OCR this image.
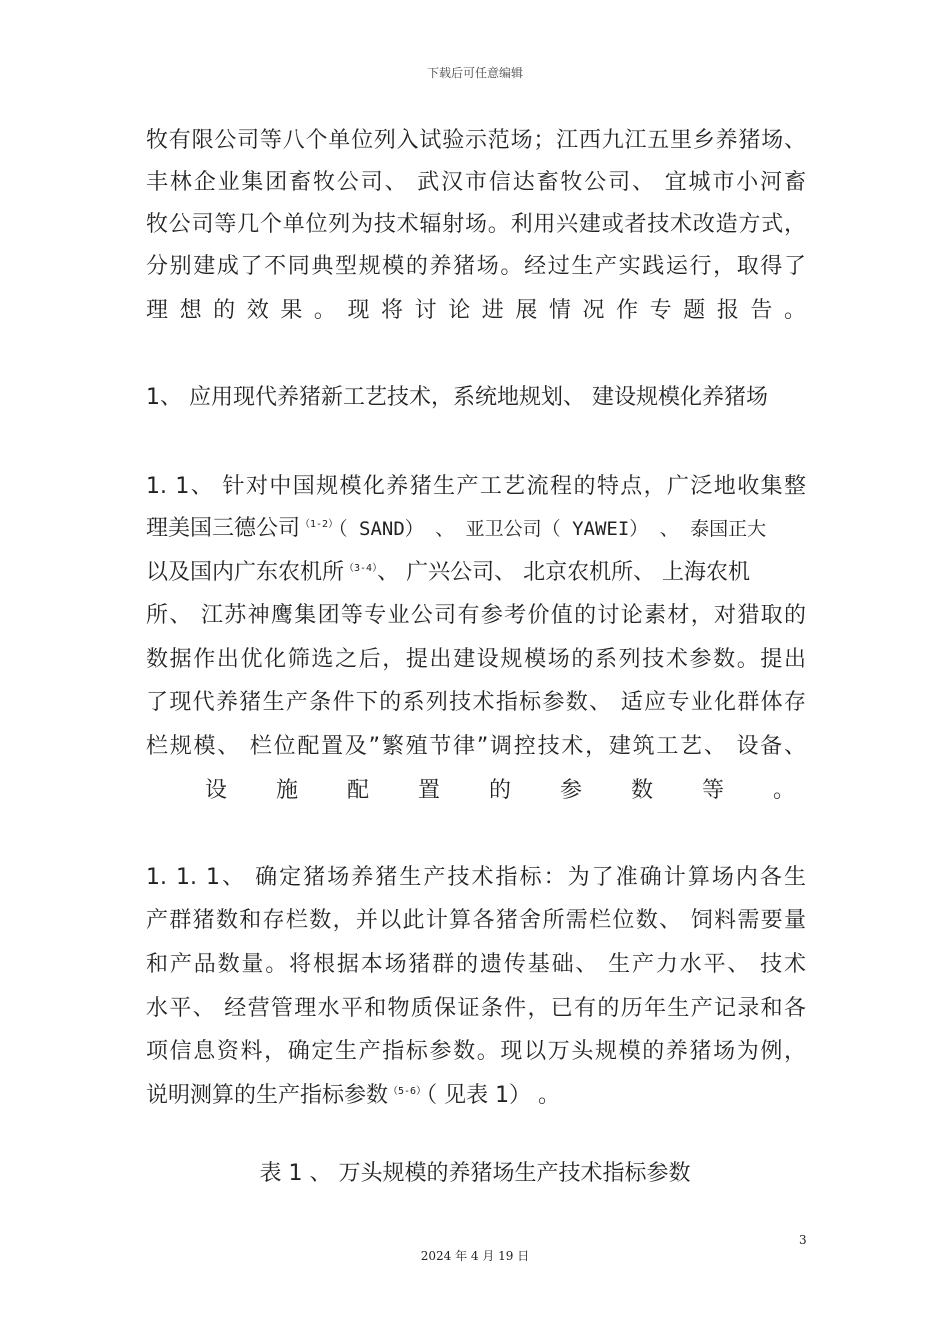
下载后可任意编辑
牧有限公司等八个单位列入试验示范场；江西九江五里乡养猪场、
丰林企业集团畜牧公司、 武汉市信达畜牧公司、 宜城市小河畜
牧公司等几个单位列为技术辐射场。利用兴建或者技术改造方式，
分别建成了不同典型规模的养猪场。经过生产实践运行，取得了
理 想 的 效 果 。 现 将 讨 论 进 展 情 况 作 专 题 报 告 。
1、 应用现代养猪新工艺技术，系统地规划、 建设规模化养猪场
1. 1、 针对中国规模化养猪生产工艺流程的特点，广泛地收集整
理美国三德公司$^{(1-2)}$（ SAND） 、 亚卫公司（ YAWEI） 、 泰国正大
以及国内广东农机所$^{(3-4)}$、 广兴公司、 北京农机所、 上海农机
所、 江苏神鹰集团等专业公司有参考价值的讨论素材，对猎取的
数据作出优化筛选之后，提出建设规模场的系列技术参数。提出
了现代养猪生产条件下的系列技术指标参数、 适应专业化群体存
栏规模、 栏位配置及”繁殖节律”调控技术，建筑工艺、 设备、
设 施 配 置 的 参 数 等 。
1. 1. 1、 确定猪场养猪生产技术指标：为了准确计算场内各生
产群猪数和存栏数，并以此计算各猪舍所需栏位数、 饲料需要量
和产品数量。将根据本场猪群的遗传基础、 生产力水平、 技术
水平、 经营管理水平和物质保证条件，已有的历年生产记录和各
项信息资料，确定生产指标参数。现以万头规模的养猪场为例，
说明测算的生产指标参数$^{(5-6)}$（ 见表 1） 。
表 1 、 万头规模的养猪场生产技术指标参数
3
2024 年 4 月 19 日
